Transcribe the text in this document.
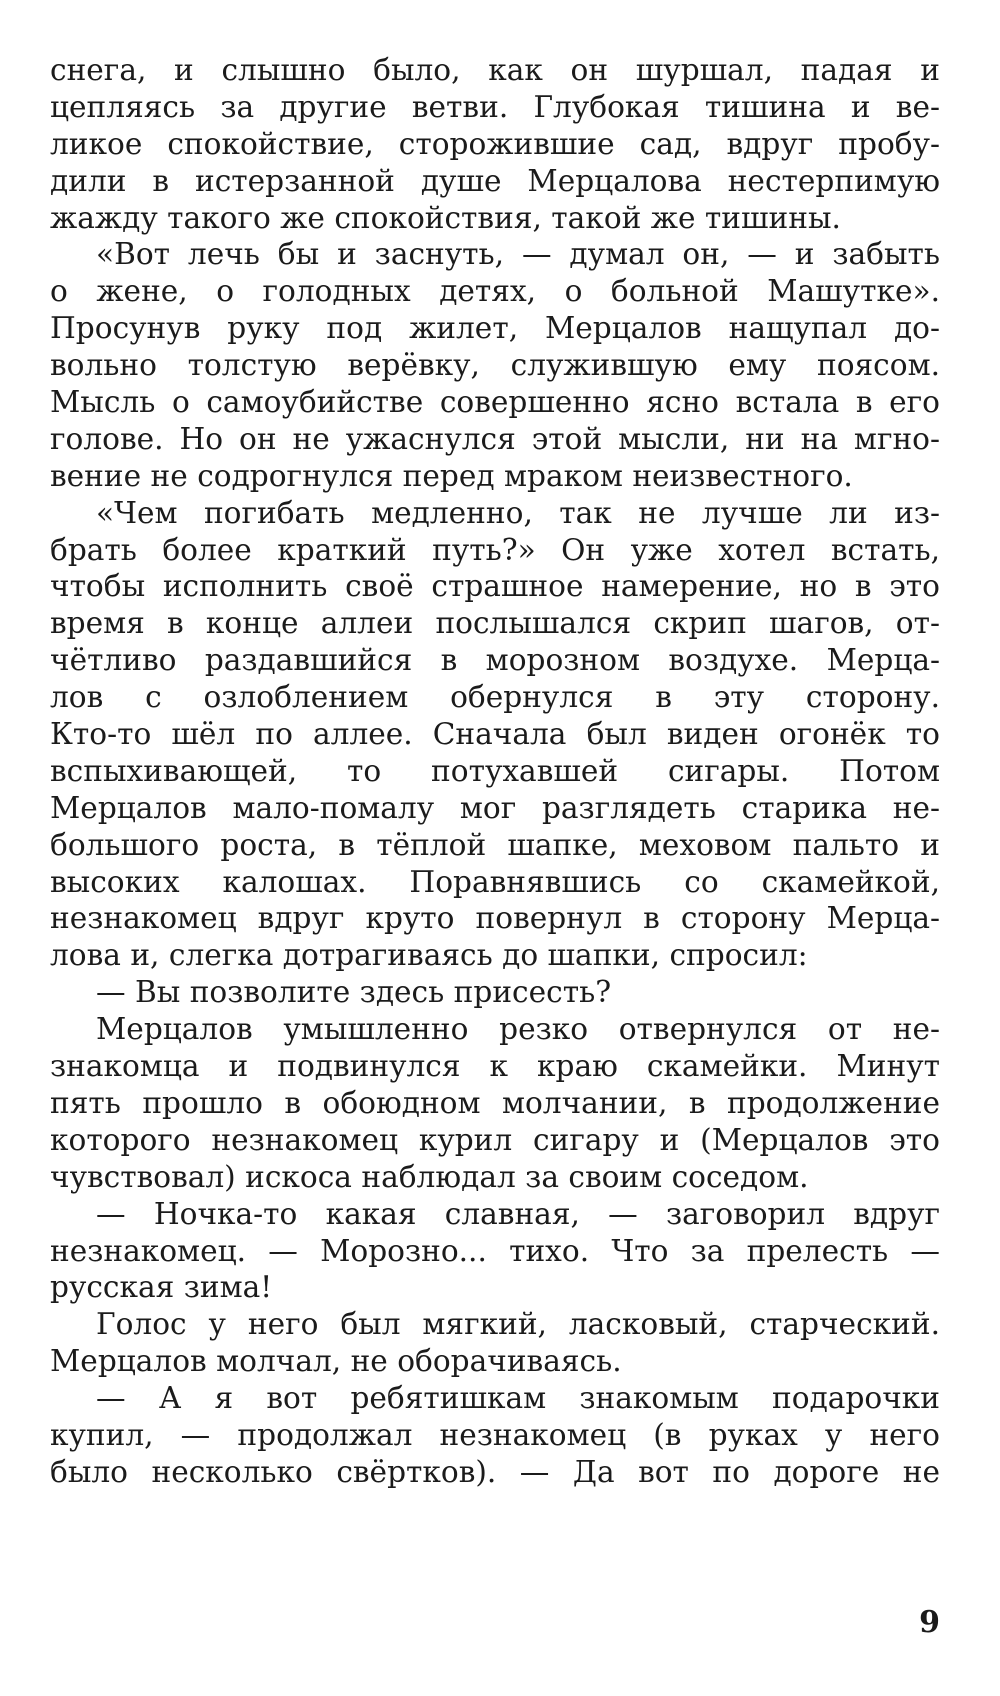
снега, и слышно было, как он шуршал, падая и
цепляясь за другие ветви. Глубокая тишина и ве-
ликое спокойствие, сторожившие сад, вдруг пробу-
дили в истерзанной душе Мерцалова нестерпимую
жажду такого же спокойствия, такой же тишины.
«Вот лечь бы и заснуть, — думал он, — и забыть
о жене, о голодных детях, о больной Машутке».
Просунув руку под жилет, Мерцалов нащупал до-
вольно толстую верёвку, служившую ему поясом.
Мысль о самоубийстве совершенно ясно встала в его
голове. Но он не ужаснулся этой мысли, ни на мгно-
вение не содрогнулся перед мраком неизвестного.
«Чем погибать медленно, так не лучше ли из-
брать более краткий путь?» Он уже хотел встать,
чтобы исполнить своё страшное намерение, но в это
время в конце аллеи послышался скрип шагов, от-
чётливо раздавшийся в морозном воздухе. Мерца-
лов с озлоблением обернулся в эту сторону.
Кто-то шёл по аллее. Сначала был виден огонёк то
вспыхивающей, то потухавшей сигары. Потом
Мерцалов мало-помалу мог разглядеть старика не-
большого роста, в тёплой шапке, меховом пальто и
высоких калошах. Поравнявшись со скамейкой,
незнакомец вдруг круто повернул в сторону Мерца-
лова и, слегка дотрагиваясь до шапки, спросил:
— Вы позволите здесь присесть?
Мерцалов умышленно резко отвернулся от не-
знакомца и подвинулся к краю скамейки. Минут
пять прошло в обоюдном молчании, в продолжение
которого незнакомец курил сигару и (Мерцалов это
чувствовал) искоса наблюдал за своим соседом.
— Ночка-то какая славная, — заговорил вдруг
незнакомец. — Морозно... тихо. Что за прелесть —
русская зима!
Голос у него был мягкий, ласковый, старческий.
Мерцалов молчал, не оборачиваясь.
— А я вот ребятишкам знакомым подарочки
купил, — продолжал незнакомец (в руках у него
было несколько свёртков). — Да вот по дороге не
9
